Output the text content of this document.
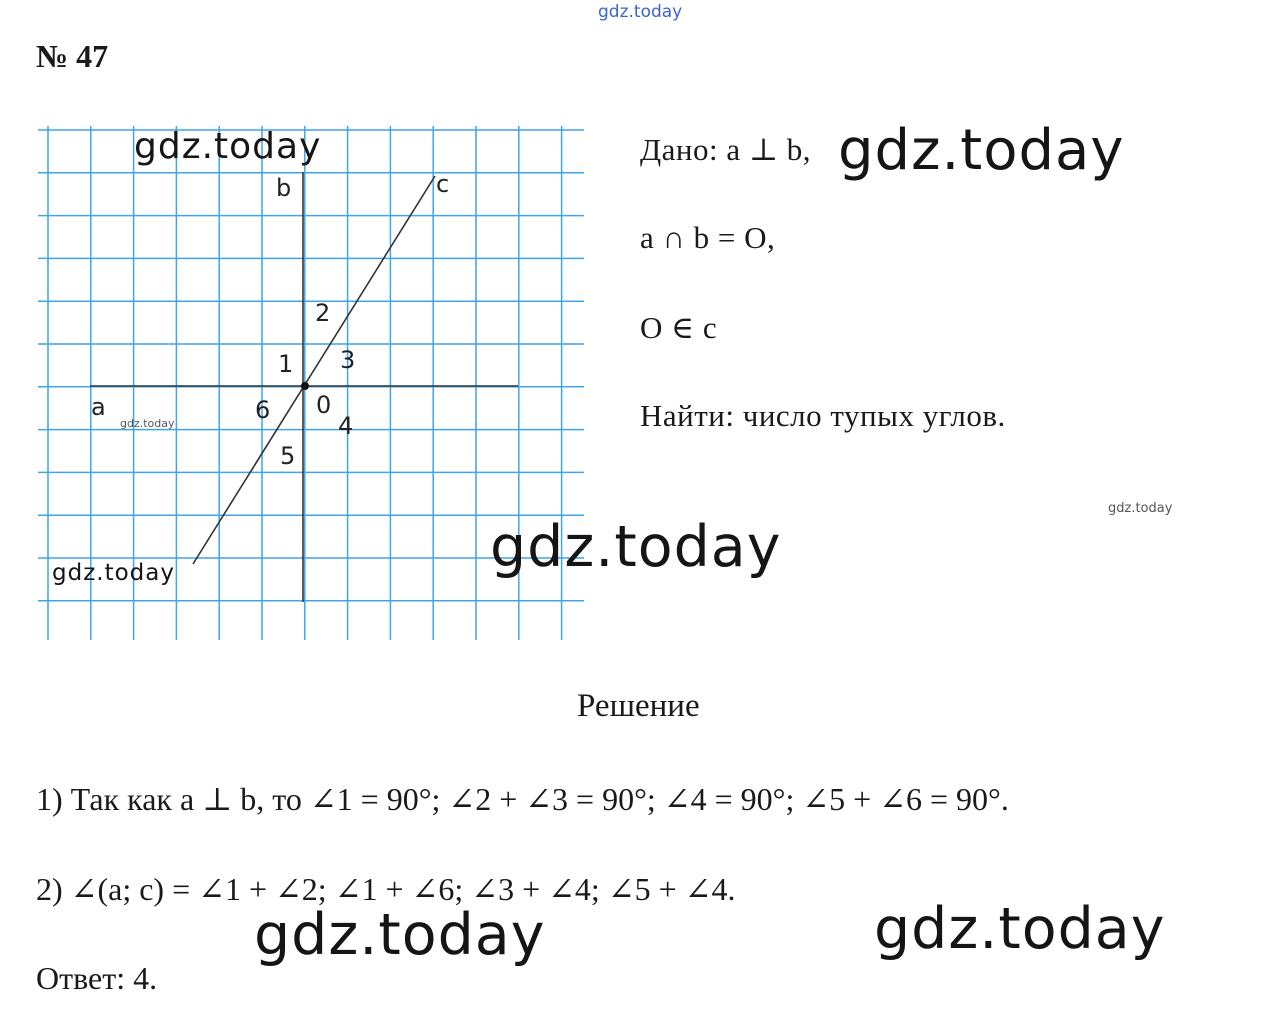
gdz.today
№ 47
a
b	c
0
1
2
3
4
5
6
gdz.today
gdz.today
gdz.today
Дано: a ⊥ b,
a ∩ b = O,
O ∈ c
Найти: число тупых углов.
gdz.today
gdz.today
gdz.today
Решение
1) Так как a ⊥ b, то ∠1 = 90°; ∠2 + ∠3 = 90°; ∠4 = 90°; ∠5 + ∠6 = 90°.
2) ∠(a; c) = ∠1 + ∠2; ∠1 + ∠6; ∠3 + ∠4; ∠5 + ∠4.
Ответ: 4.
gdz.today	gdz.today
